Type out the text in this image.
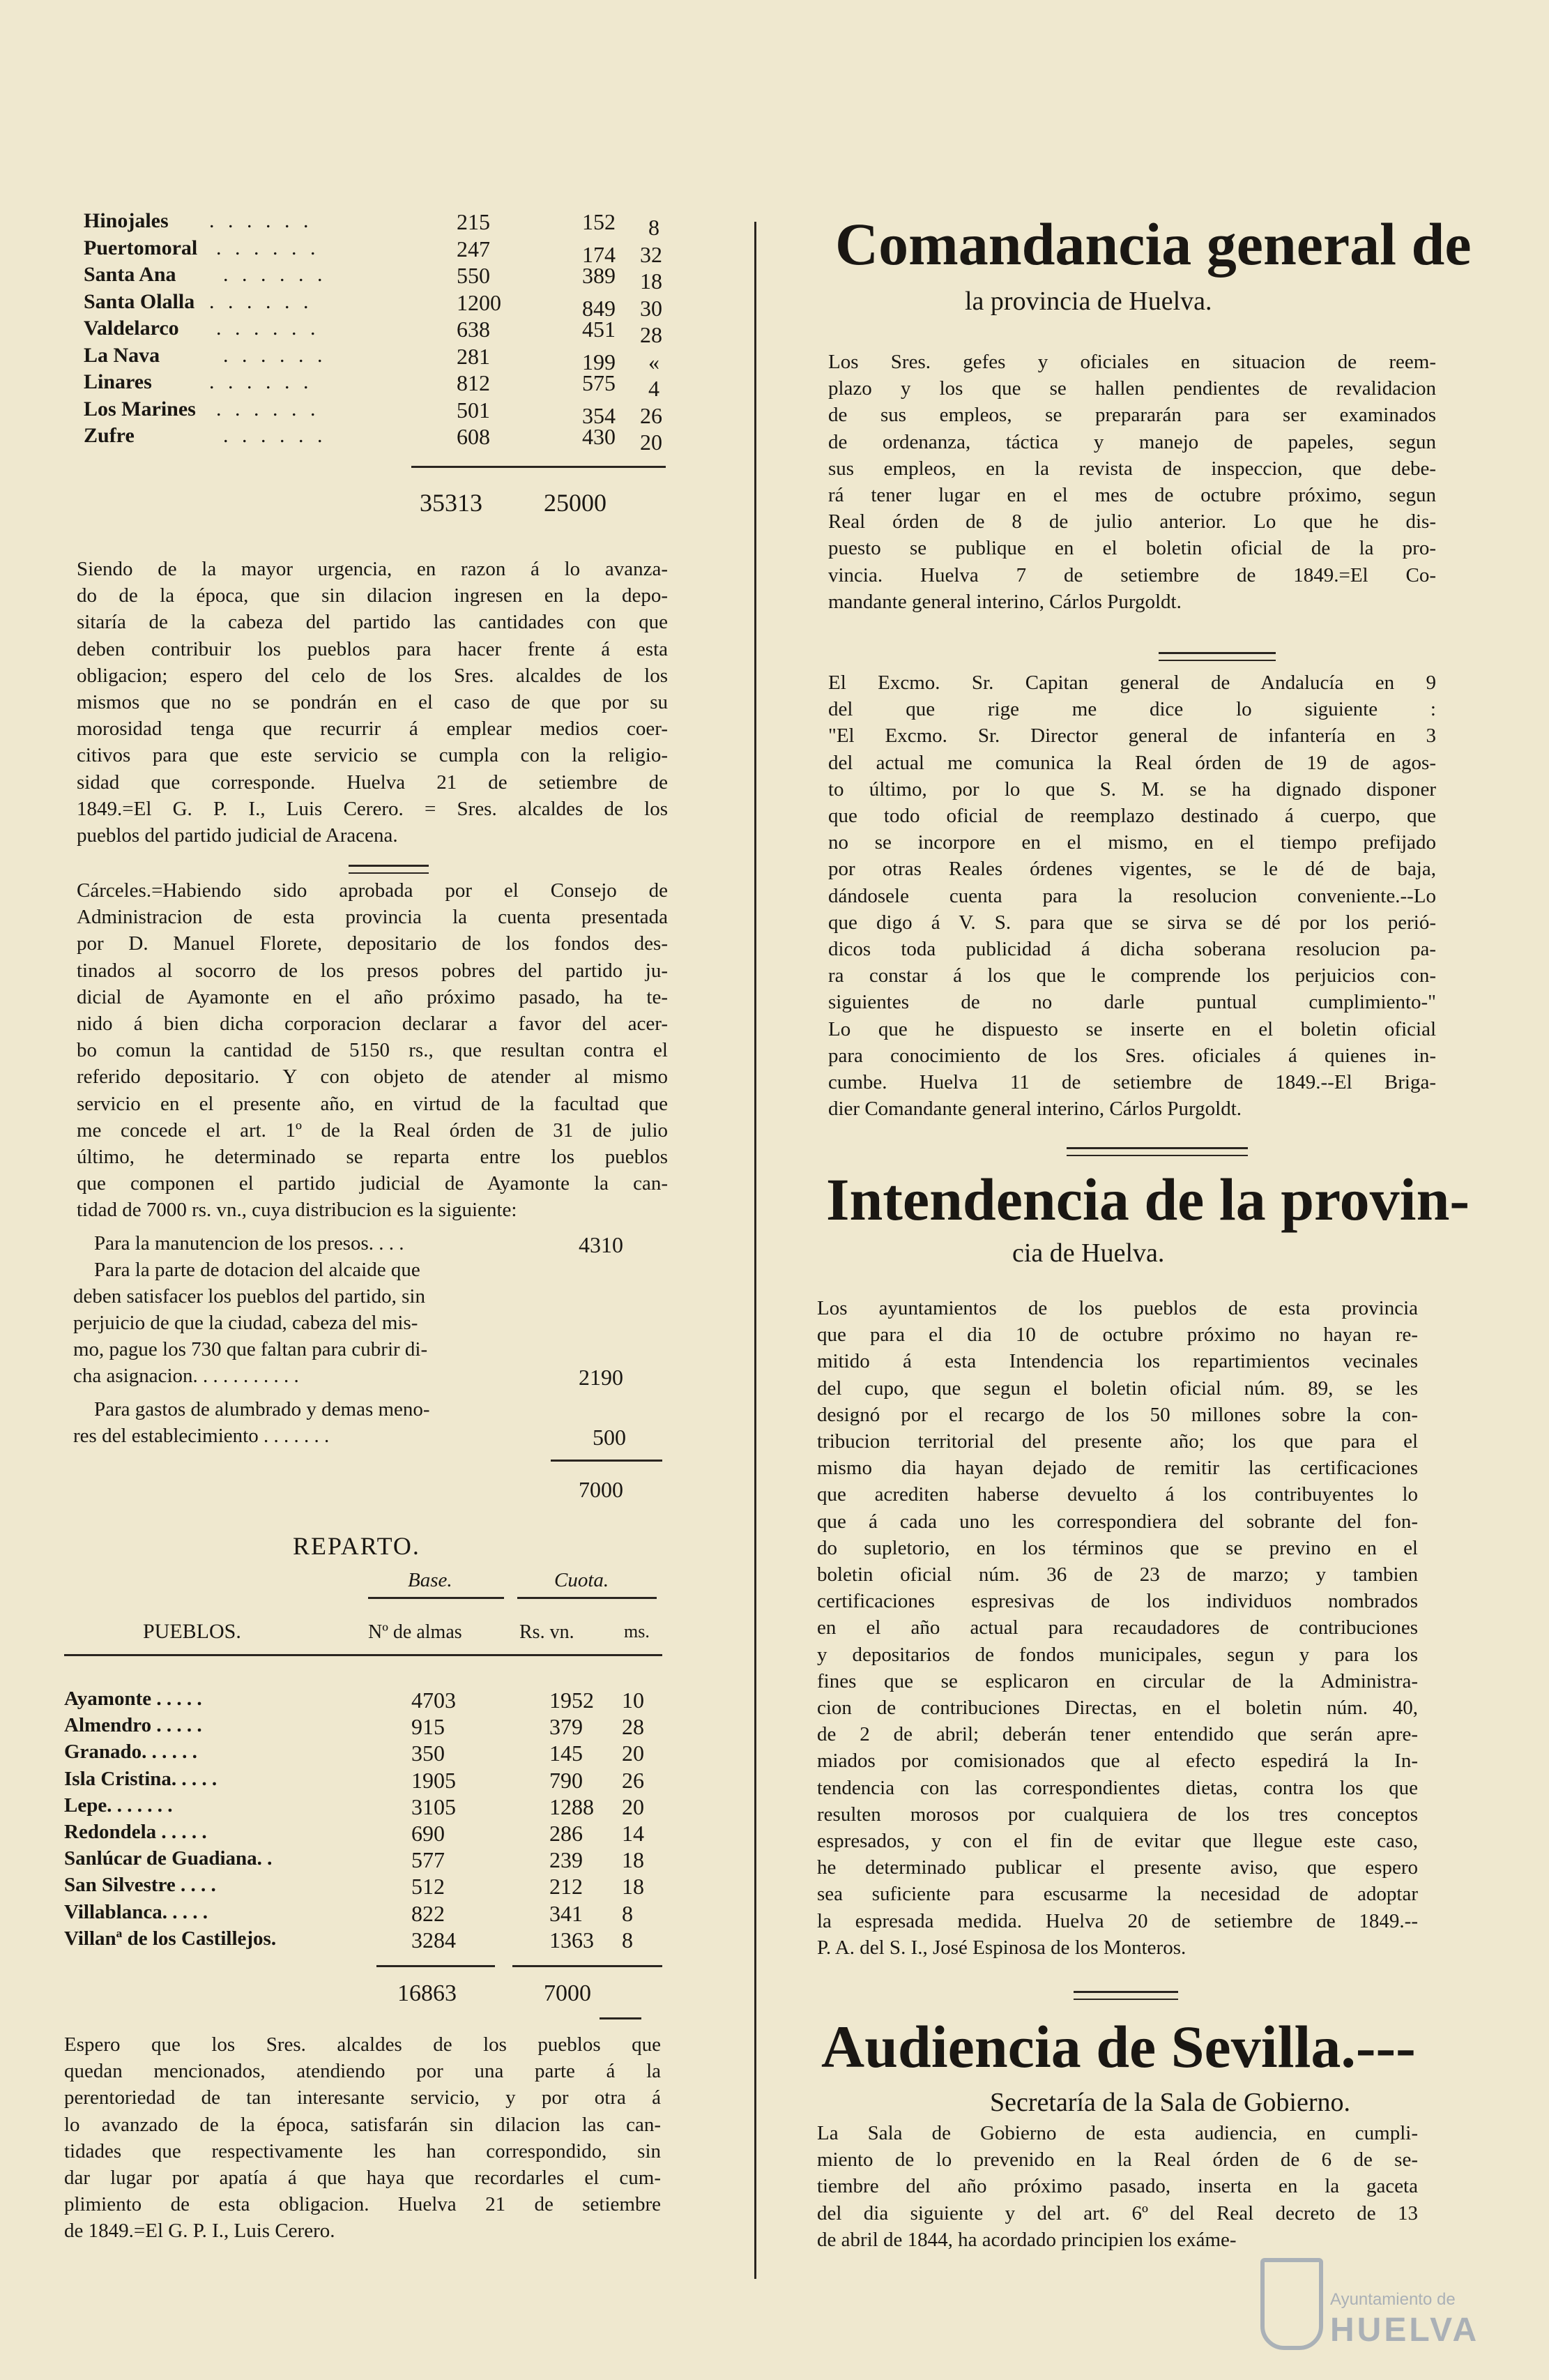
Hinojales . . . . . .	215	152 8
Puertomoral . . . . . .	247	174 32
Santa Ana . . . . . .	550	389 18
Santa Olalla . . . . . .	1200	849 30
Valdelarco . . . . . .	638	451 28
La Nava	. . . . . .	281	199 «
Linares	. . . . . .	812	575 4
Los Marines . . . . . .	501	354 26
Zufre	. . . . . .	608	430 20
35313 25000
Siendo de la mayor urgencia, en razon á lo avanza-
do de la época, que sin dilacion ingresen en la depo-
sitaría de la cabeza del partido las cantidades con que
deben contribuir los pueblos para hacer frente á esta
obligacion; espero del celo de los Sres. alcaldes de los
mismos que no se pondrán en el caso de que por su
morosidad tenga que recurrir á emplear medios coer-
citivos para que este servicio se cumpla con la religio-
sidad que corresponde. Huelva 21 de setiembre de
1849.=El G. P. I., Luis Cerero. = Sres. alcaldes de los
pueblos del partido judicial de Aracena.
Cárceles.=Habiendo sido aprobada por el Consejo de
Administracion de esta provincia la cuenta presentada
por D. Manuel Florete, depositario de los fondos des-
tinados al socorro de los presos pobres del partido ju-
dicial de Ayamonte en el año próximo pasado, ha te-
nido á bien dicha corporacion declarar a favor del acer-
bo comun la cantidad de 5150 rs., que resultan contra el
referido depositario. Y con objeto de atender al mismo
servicio en el presente año, en virtud de la facultad que
me concede el art. 1º de la Real órden de 31 de julio
último, he determinado se reparta entre los pueblos
que componen el partido judicial de Ayamonte la can-
tidad de 7000 rs. vn., cuya distribucion es la siguiente:
Para la manutencion de los presos. . . .	4310
Para la parte de dotacion del alcaide que
deben satisfacer los pueblos del partido, sin
perjuicio de que la ciudad, cabeza del mis-
mo, pague los 730 que faltan para cubrir di-
cha asignacion. . . . . . . . . . .	2190
Para gastos de alumbrado y demas meno-
res del establecimiento . . . . . . .	500
7000
REPARTO.
Base.	Cuota.
PUEBLOS.	Nº de almas	Rs. vn.	ms.
Ayamonte . . . . .	4703	1952 10
Almendro . . . . .	915	379 28
Granado. . . . . .	350	145 20
Isla Cristina. . . . .	1905	790 26
Lepe. . . . . . .	3105	1288 20
Redondela . . . . .	690	286 14
Sanlúcar de Guadiana. .	577	239 18
San Silvestre . . . .	512	212 18
Villablanca. . . . .	822	341 8
Villanª de los Castillejos.	3284	1363 8
16863	7000
Espero que los Sres. alcaldes de los pueblos que
quedan mencionados, atendiendo por una parte á la
perentoriedad de tan interesante servicio, y por otra á
lo avanzado de la época, satisfarán sin dilacion las can-
tidades que respectivamente les han correspondido, sin
dar lugar por apatía á que haya que recordarles el cum-
plimiento de esta obligacion. Huelva 21 de setiembre
de 1849.=El G. P. I., Luis Cerero.
Comandancia general de
la provincia de Huelva.
Los Sres. gefes y oficiales en situacion de reem-
plazo y los que se hallen pendientes de revalidacion
de sus empleos, se prepararán para ser examinados
de ordenanza, táctica y manejo de papeles, segun
sus empleos, en la revista de inspeccion, que debe-
rá tener lugar en el mes de octubre próximo, segun
Real órden de 8 de julio anterior. Lo que he dis-
puesto se publique en el boletin oficial de la pro-
vincia. Huelva 7 de setiembre de 1849.=El Co-
mandante general interino, Cárlos Purgoldt.
El Excmo. Sr. Capitan general de Andalucía en 9
del que rige me dice lo siguiente :
"El Excmo. Sr. Director general de infantería en 3
del actual me comunica la Real órden de 19 de agos-
to último, por lo que S. M. se ha dignado disponer
que todo oficial de reemplazo destinado á cuerpo, que
no se incorpore en el mismo, en el tiempo prefijado
por otras Reales órdenes vigentes, se le dé de baja,
dándosele cuenta para la resolucion conveniente.--Lo
que digo á V. S. para que se sirva se dé por los perió-
dicos toda publicidad á dicha soberana resolucion pa-
ra constar á los que le comprende los perjuicios con-
siguientes de no darle puntual cumplimiento-"
Lo que he dispuesto se inserte en el boletin oficial
para conocimiento de los Sres. oficiales á quienes in-
cumbe. Huelva 11 de setiembre de 1849.--El Briga-
dier Comandante general interino, Cárlos Purgoldt.
Intendencia de la provin-
cia de Huelva.
Los ayuntamientos de los pueblos de esta provincia
que para el dia 10 de octubre próximo no hayan re-
mitido á esta Intendencia los repartimientos vecinales
del cupo, que segun el boletin oficial núm. 89, se les
designó por el recargo de los 50 millones sobre la con-
tribucion territorial del presente año; los que para el
mismo dia hayan dejado de remitir las certificaciones
que acrediten haberse devuelto á los contribuyentes lo
que á cada uno les correspondiera del sobrante del fon-
do supletorio, en los términos que se previno en el
boletin oficial núm. 36 de 23 de marzo; y tambien
certificaciones espresivas de los individuos nombrados
en el año actual para recaudadores de contribuciones
y depositarios de fondos municipales, segun y para los
fines que se esplicaron en circular de la Administra-
cion de contribuciones Directas, en el boletin núm. 40,
de 2 de abril; deberán tener entendido que serán apre-
miados por comisionados que al efecto espedirá la In-
tendencia con las correspondientes dietas, contra los que
resulten morosos por cualquiera de los tres conceptos
espresados, y con el fin de evitar que llegue este caso,
he determinado publicar el presente aviso, que espero
sea suficiente para escusarme la necesidad de adoptar
la espresada medida. Huelva 20 de setiembre de 1849.--
P. A. del S. I., José Espinosa de los Monteros.
Audiencia de Sevilla.---
Secretaría de la Sala de Gobierno.
La Sala de Gobierno de esta audiencia, en cumpli-
miento de lo prevenido en la Real órden de 6 de se-
tiembre del año próximo pasado, inserta en la gaceta
del dia siguiente y del art. 6º del Real decreto de 13
de abril de 1844, ha acordado principien los exáme-
Ayuntamiento de
HUELVA
